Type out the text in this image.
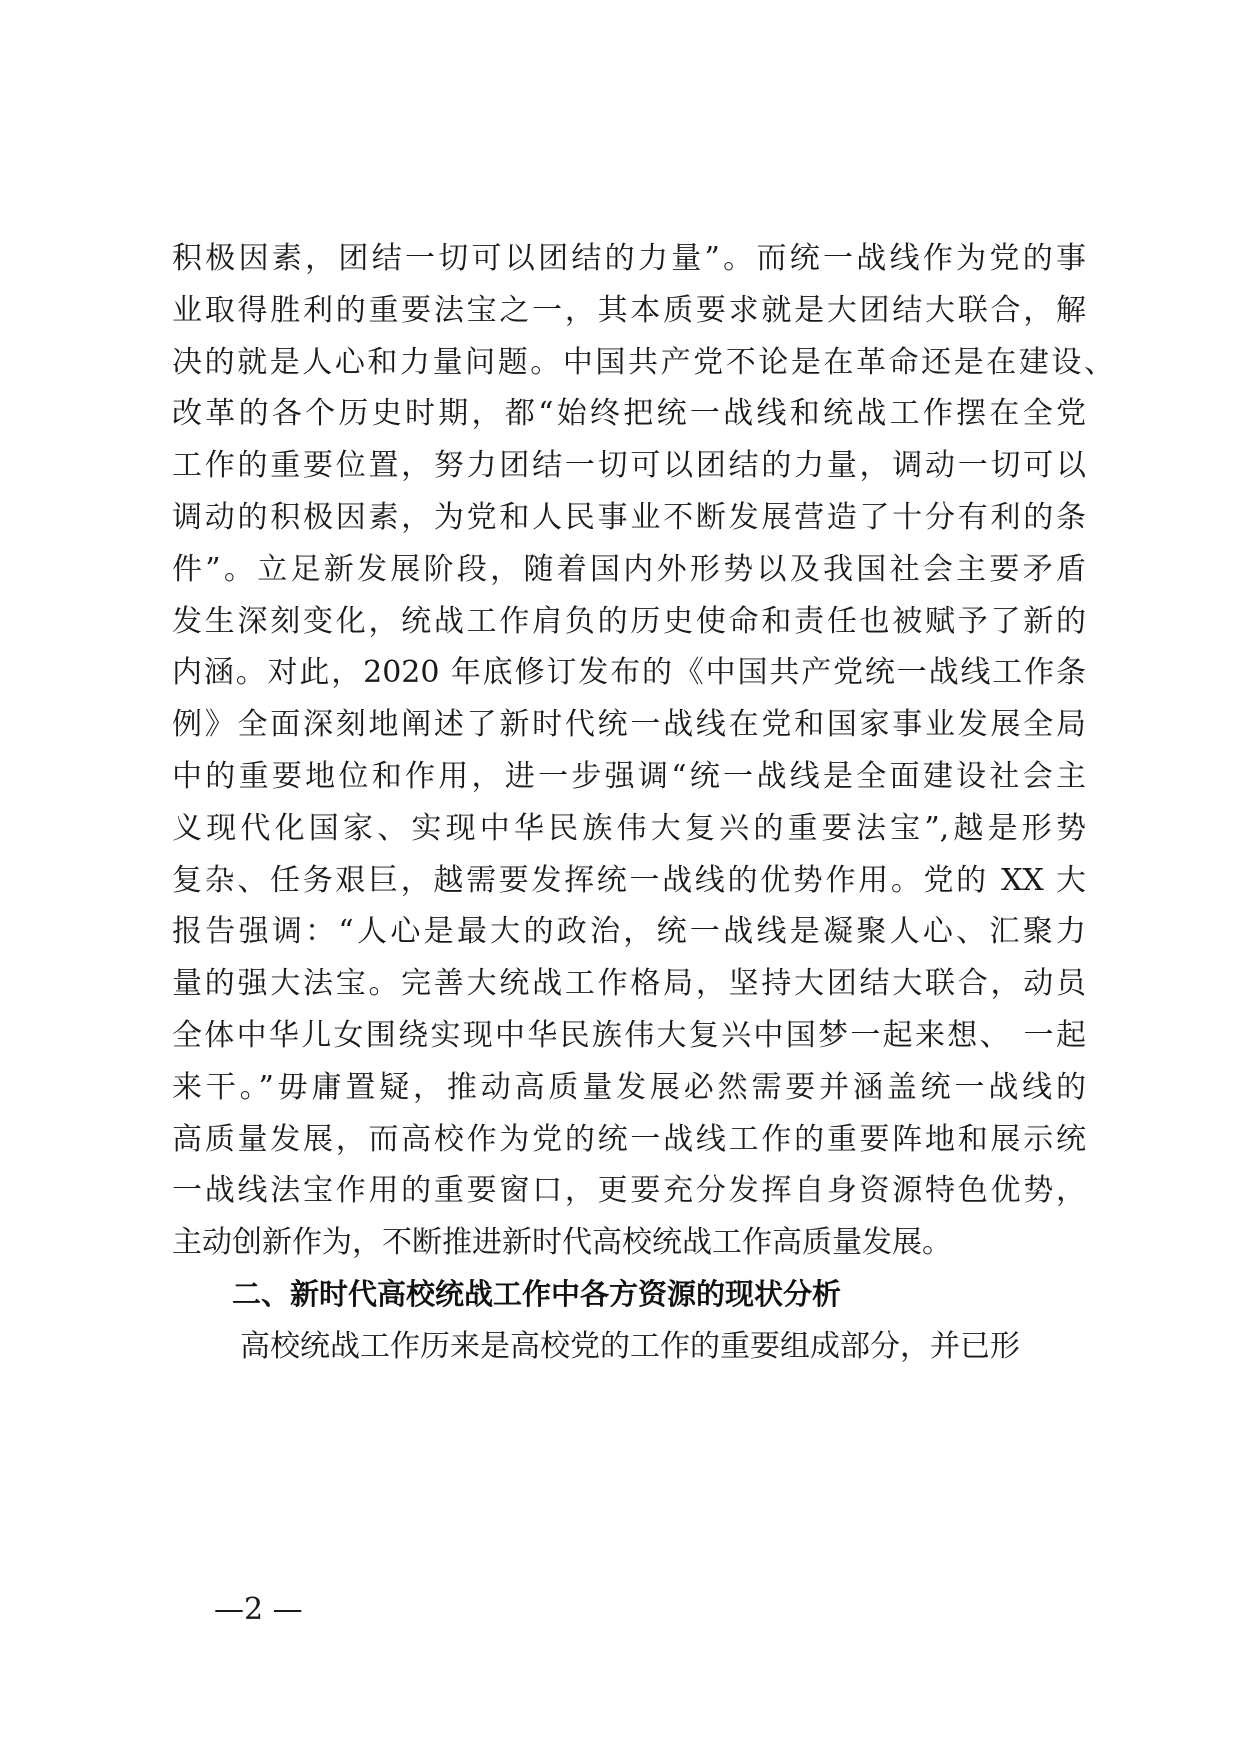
积极因素，团结一切可以团结的力量”。而统一战线作为党的事
业取得胜利的重要法宝之一，其本质要求就是大团结大联合，解
决的就是人心和力量问题。中国共产党不论是在革命还是在建设、
改革的各个历史时期，都“始终把统一战线和统战工作摆在全党
工作的重要位置，努力团结一切可以团结的力量，调动一切可以
调动的积极因素，为党和人民事业不断发展营造了十分有利的条
件”。立足新发展阶段，随着国内外形势以及我国社会主要矛盾
发生深刻变化，统战工作肩负的历史使命和责任也被赋予了新的
内涵。对此，2020 年底修订发布的《中国共产党统一战线工作条
例》全面深刻地阐述了新时代统一战线在党和国家事业发展全局
中的重要地位和作用，进一步强调“统一战线是全面建设社会主
义现代化国家、实现中华民族伟大复兴的重要法宝”,越是形势
复杂、任务艰巨，越需要发挥统一战线的优势作用。党的 XX 大
报告强调：“人心是最大的政治，统一战线是凝聚人心、汇聚力
量的强大法宝。完善大统战工作格局，坚持大团结大联合，动员
全体中华儿女围绕实现中华民族伟大复兴中国梦一起来想、 一起
来干。”毋庸置疑，推动高质量发展必然需要并涵盖统一战线的
高质量发展，而高校作为党的统一战线工作的重要阵地和展示统
一战线法宝作用的重要窗口，更要充分发挥自身资源特色优势，
主动创新作为，不断推进新时代高校统战工作高质量发展。
二、新时代高校统战工作中各方资源的现状分析
高校统战工作历来是高校党的工作的重要组成部分，并已形
—2 —
